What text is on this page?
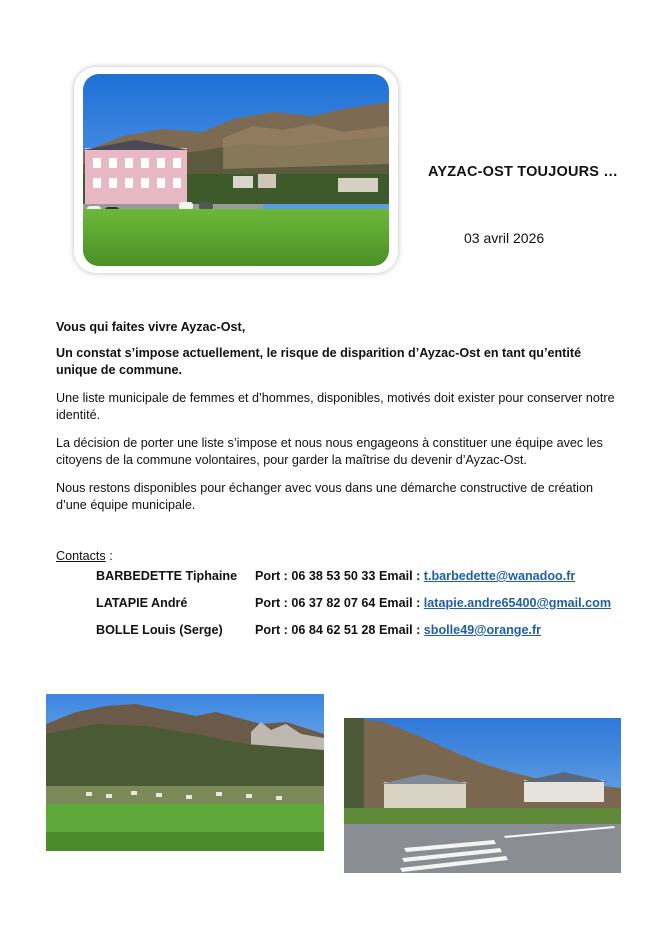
AYZAC-OST TOUJOURS …
03 avril 2026
Vous qui faites vivre Ayzac-Ost,
Un constat s’impose actuellement, le risque de disparition d’Ayzac-Ost en tant qu’entité unique de commune.
Une liste municipale de femmes et d’hommes, disponibles, motivés doit exister pour conserver notre identité.
La décision de porter une liste s’impose et nous nous engageons à constituer une équipe avec les citoyens de la commune volontaires, pour garder la maîtrise du devenir d’Ayzac-Ost.
Nous restons disponibles pour échanger avec vous dans une démarche constructive de création d’une équipe municipale.
Contacts :
BARBEDETTE Tiphaine Port : 06 38 53 50 33 Email : t.barbedette@wanadoo.fr
LATAPIE André	Port : 06 37 82 07 64 Email : latapie.andre65400@gmail.com
BOLLE Louis (Serge)	Port : 06 84 62 51 28 Email : sbolle49@orange.fr
